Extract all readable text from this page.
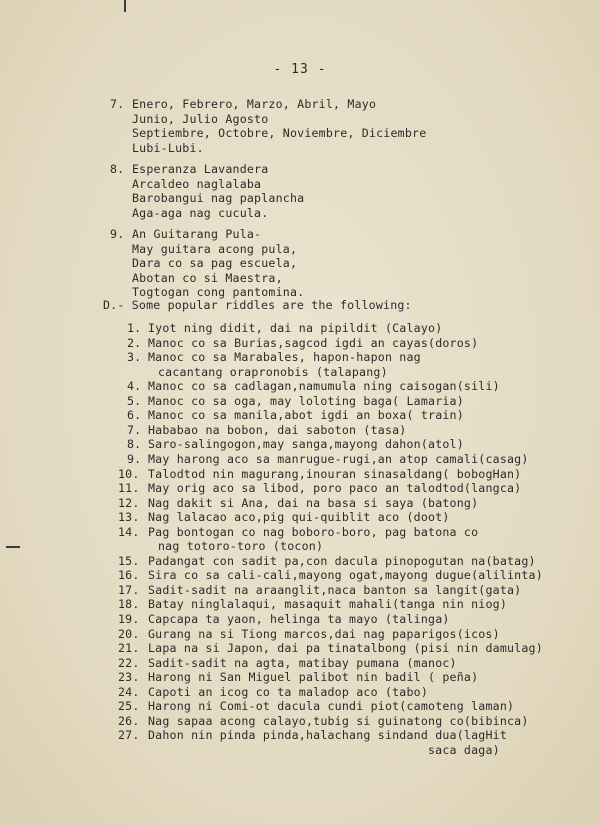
- 13 -
7. Enero, Febrero, Marzo, Abril, Mayo
Junio, Julio Agosto
Septiembre, Octobre, Noviembre, Diciembre
Lubi-Lubi.
8. Esperanza Lavandera
Arcaldeo naglalaba
Barobangui nag paplancha
Aga-aga nag cucula.
9. An Guitarang Pula-
May guitara acong pula,
Dara co sa pag escuela,
Abotan co si Maestra,
Togtogan cong pantomina.
D.- Some popular riddles are the following:
1. Iyot ning didit, dai na pipildit (Calayo)
2. Manoc co sa Burias,sagcod igdi an cayas(doros)
3. Manoc co sa Marabales, hapon-hapon nag
cacantang orapronobis (talapang)
4. Manoc co sa cadlagan,namumula ning caisogan(sili)
5. Manoc co sa oga, may loloting baga( Lamaria)
6. Manoc co sa manila,abot igdi an boxa( train)
7. Hababao na bobon, dai saboton (tasa)
8. Saro-salingogon,may sanga,mayong dahon(atol)
9. May harong aco sa manrugue-rugi,an atop camali(casag)
10. Talodtod nin magurang,inouran sinasaldang( bobogHan)
11. May orig aco sa libod, poro paco an talodtod(langca)
12. Nag dakit si Ana, dai na basa si saya (batong)
13. Nag lalacao aco,pig qui-quiblit aco (doot)
14. Pag bontogan co nag boboro-boro, pag batona co
nag totoro-toro (tocon)
15. Padangat con sadit pa,con dacula pinopogutan na(batag)
16. Sira co sa cali-cali,mayong ogat,mayong dugue(alilinta)
17. Sadit-sadit na araanglit,naca banton sa langit(gata)
18. Batay ninglalaqui, masaquit mahali(tanga nin niog)
19. Capcapa ta yaon, helinga ta mayo (talinga)
20. Gurang na si Tiong marcos,dai nag paparigos(icos)
21. Lapa na si Japon, dai pa tinatalbong (pisi nin damulag)
22. Sadit-sadit na agta, matibay pumana (manoc)
23. Harong ni San Miguel palibot nin badil ( peña)
24. Capoti an icog co ta maladop aco (tabo)
25. Harong ni Comi-ot dacula cundi piot(camoteng laman)
26. Nag sapaa acong calayo,tubig si guinatong co(bibinca)
27. Dahon nin pinda pinda,halachang sindand dua(lagHit
saca daga)
